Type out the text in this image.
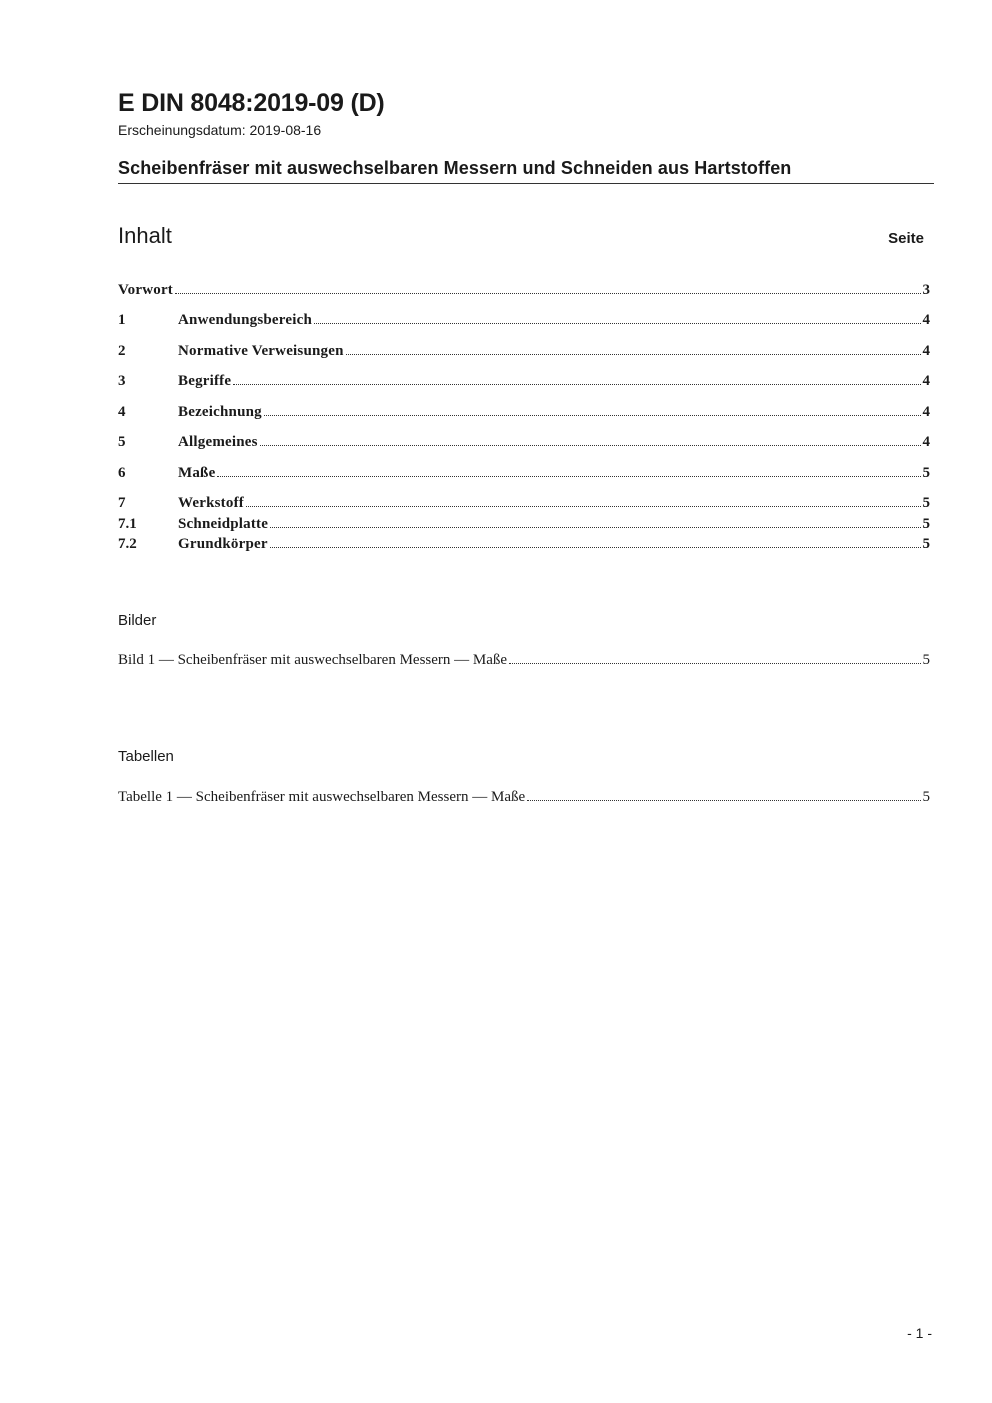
E DIN 8048:2019-09 (D)
Erscheinungsdatum: 2019-08-16
Scheibenfräser mit auswechselbaren Messern und Schneiden aus Hartstoffen
Inhalt	Seite
Vorwort	3
1	Anwendungsbereich	4
2	Normative Verweisungen	4
3	Begriffe	4
4	Bezeichnung	4
5	Allgemeines	4
6	Maße	5
7	Werkstoff	5
7.1	Schneidplatte	5
7.2	Grundkörper	5
Bilder
Bild 1 — Scheibenfräser mit auswechselbaren Messern — Maße	5
Tabellen
Tabelle 1 — Scheibenfräser mit auswechselbaren Messern — Maße	5
- 1 -
